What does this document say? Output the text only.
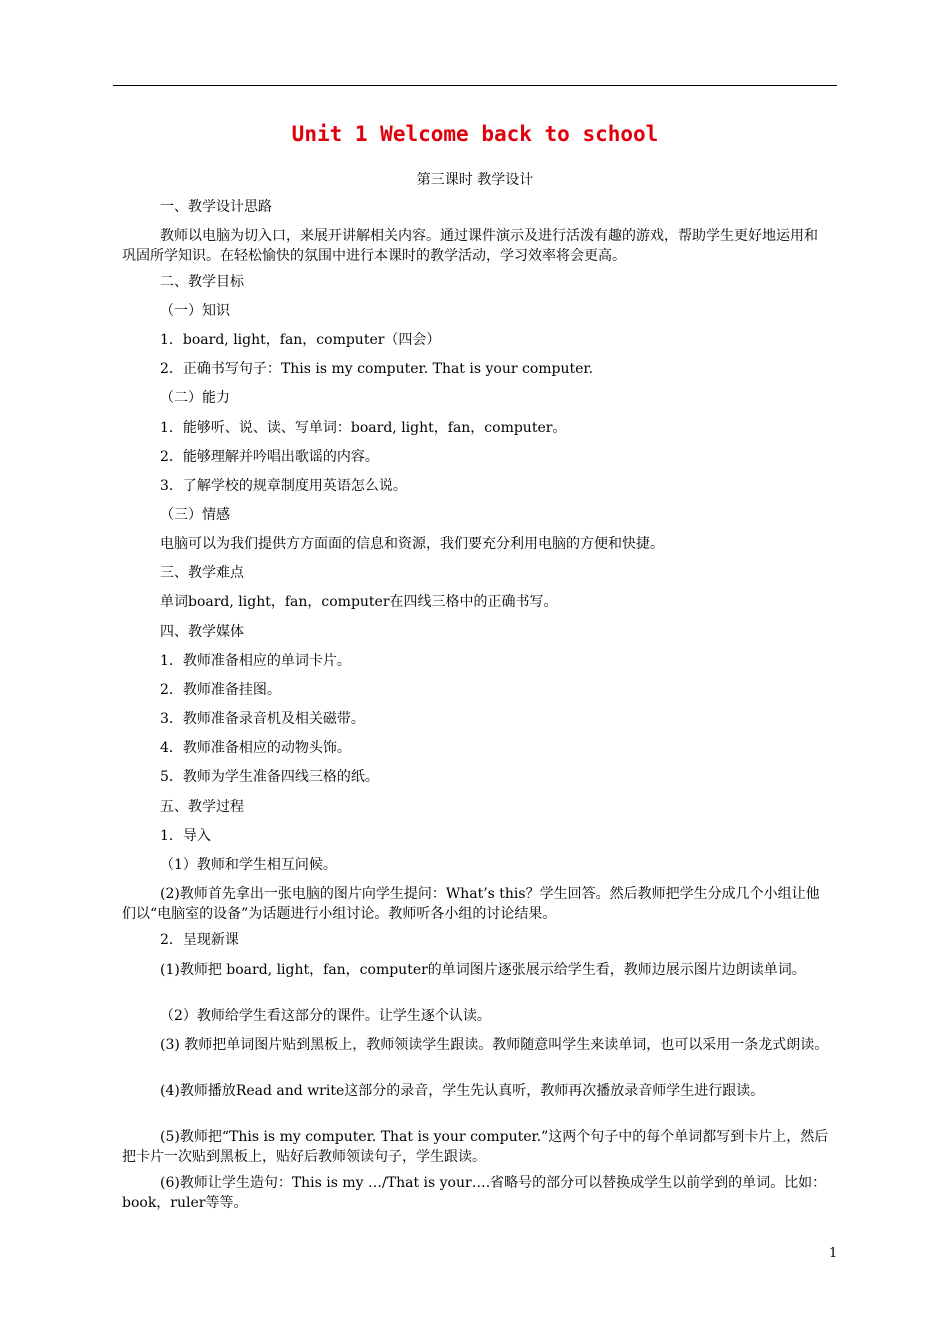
Unit 1 Welcome back to school
第三课时 教学设计
一、教学设计思路
教师以电脑为切入口，来展开讲解相关内容。通过课件演示及进行活泼有趣的游戏，帮助学生更好地运用和巩固所学知识。在轻松愉快的氛围中进行本课时的教学活动，学习效率将会更高。
二、教学目标
（一）知识
1．board, light，fan，computer（四会）
2．正确书写句子：This is my computer. That is your computer.
（二）能力
1．能够听、说、读、写单词：board, light，fan，computer。
2．能够理解并吟唱出歌谣的内容。
3．了解学校的规章制度用英语怎么说。
（三）情感
电脑可以为我们提供方方面面的信息和资源，我们要充分利用电脑的方便和快捷。
三、教学难点
单词board, light，fan，computer在四线三格中的正确书写。
四、教学媒体
1．教师准备相应的单词卡片。
2．教师准备挂图。
3．教师准备录音机及相关磁带。
4．教师准备相应的动物头饰。
5．教师为学生准备四线三格的纸。
五、教学过程
1．导入
（1）教师和学生相互问候。
(2)教师首先拿出一张电脑的图片向学生提问：What’s this？学生回答。然后教师把学生分成几个小组让他们以“电脑室的设备”为话题进行小组讨论。教师听各小组的讨论结果。
2．呈现新课
(1)教师把 board, light，fan，computer的单词图片逐张展示给学生看，教师边展示图片边朗读单词。
（2）教师给学生看这部分的课件。让学生逐个认读。
(3) 教师把单词图片贴到黑板上，教师领读学生跟读。教师随意叫学生来读单词，也可以采用一条龙式朗读。
(4)教师播放Read and write这部分的录音，学生先认真听，教师再次播放录音师学生进行跟读。
(5)教师把“This is my computer. That is your computer.”这两个句子中的每个单词都写到卡片上，然后把卡片一次贴到黑板上，贴好后教师领读句子，学生跟读。
(6)教师让学生造句：This is my …/That is your….省略号的部分可以替换成学生以前学到的单词。比如：book，ruler等等。
1
